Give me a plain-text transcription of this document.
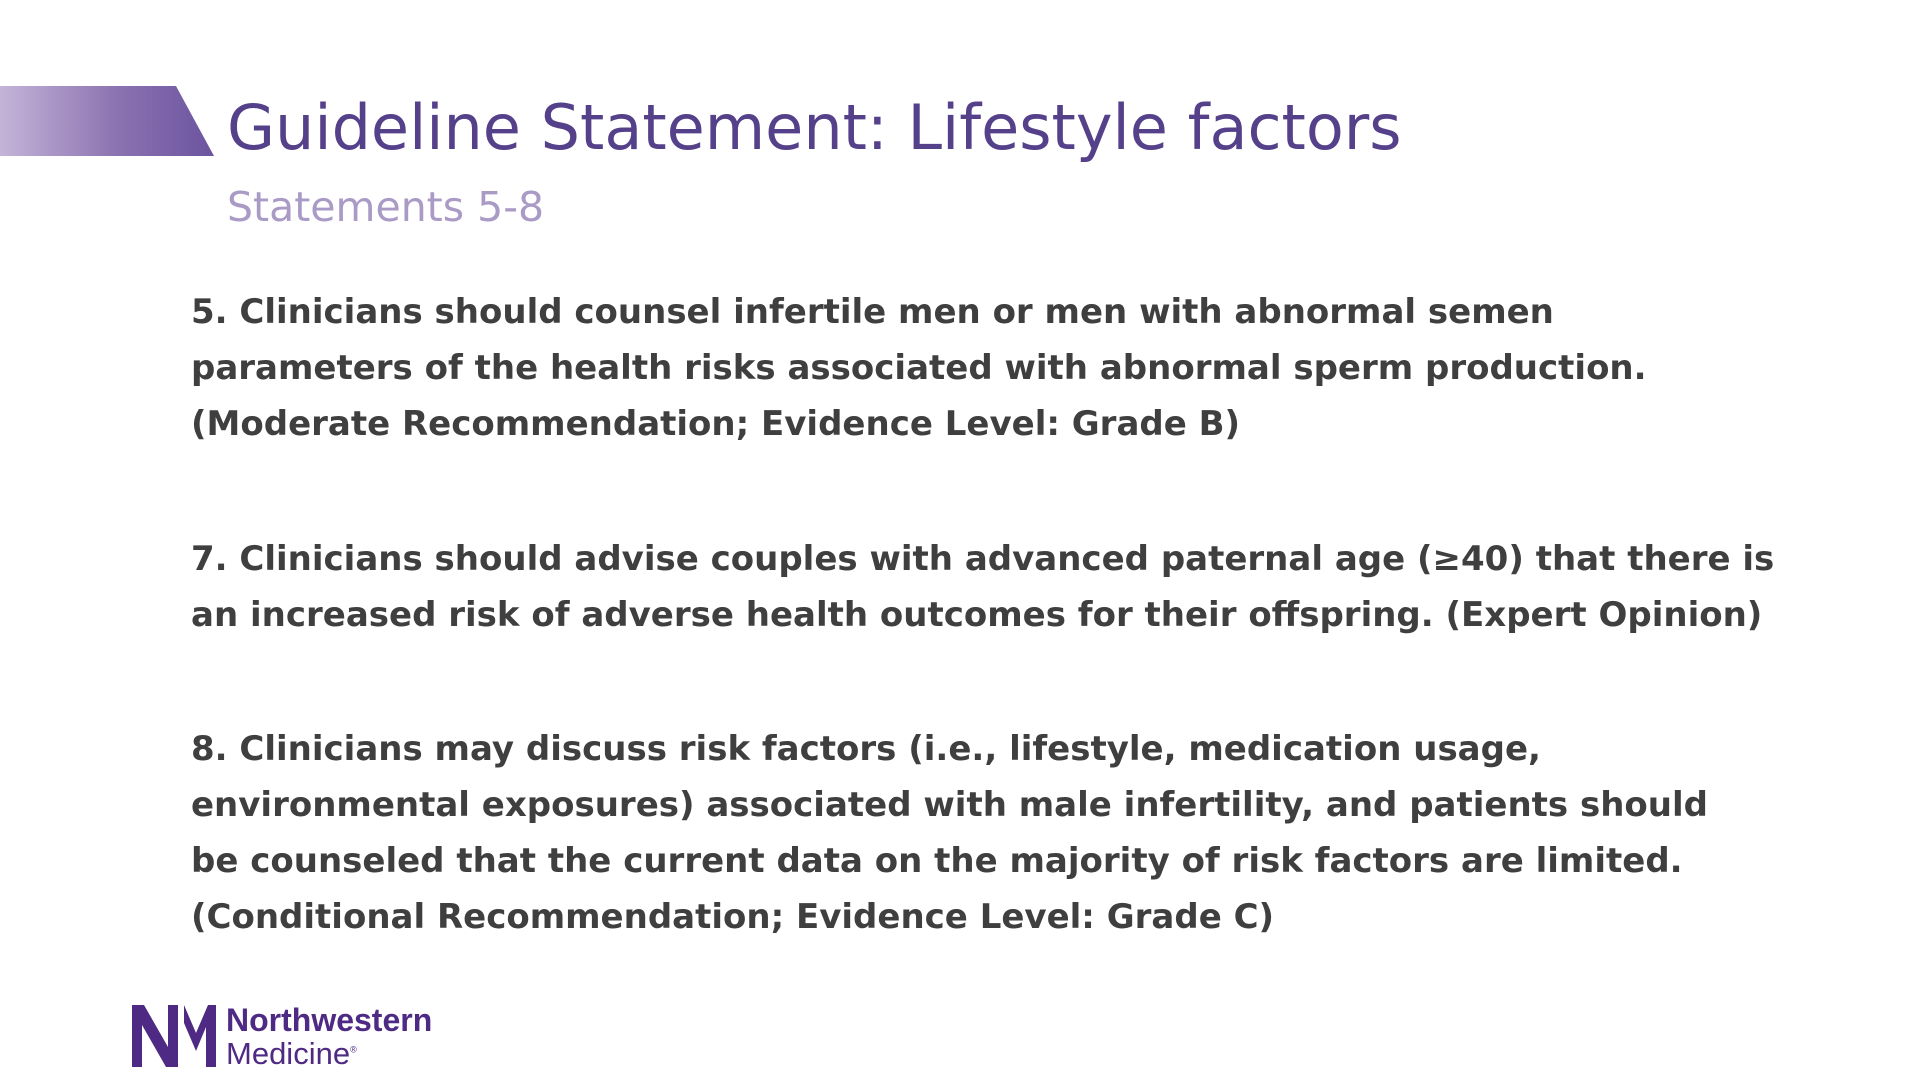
Guideline Statement: Lifestyle factors
Statements 5-8

5. Clinicians should counsel infertile men or men with abnormal semen
parameters of the health risks associated with abnormal sperm production.
(Moderate Recommendation; Evidence Level: Grade B)

7. Clinicians should advise couples with advanced paternal age (≥40) that there is
an increased risk of adverse health outcomes for their offspring. (Expert Opinion)

8. Clinicians may discuss risk factors (i.e., lifestyle, medication usage,
environmental exposures) associated with male infertility, and patients should
be counseled that the current data on the majority of risk factors are limited.
(Conditional Recommendation; Evidence Level: Grade C)

Northwestern
Medicine®
